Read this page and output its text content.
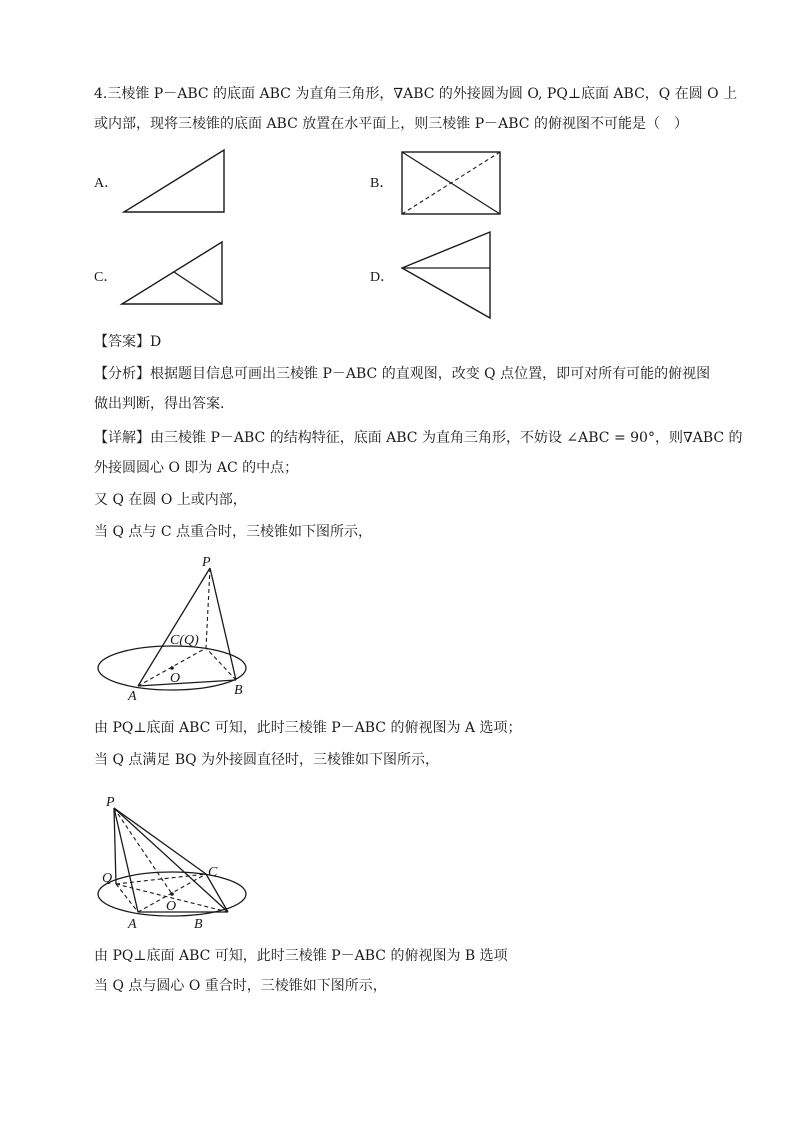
4.三棱锥 P－ABC 的底面 ABC 为直角三角形，∇ABC 的外接圆为圆 O, PQ⊥底面 ABC，Q 在圆 O 上
或内部，现将三棱锥的底面 ABC 放置在水平面上，则三棱锥 P－ABC 的俯视图不可能是（　）
A．	B．
C．	D．
【答案】D
【分析】根据题目信息可画出三棱锥 P－ABC 的直观图，改变 Q 点位置，即可对所有可能的俯视图
做出判断，得出答案.
【详解】由三棱锥 P－ABC 的结构特征，底面 ABC 为直角三角形，不妨设 ∠ABC = 90°，则∇ABC 的
外接圆圆心 O 即为 AC 的中点；
又 Q 在圆 O 上或内部，
当 Q 点与 C 点重合时，三棱锥如下图所示，
P
C(Q)
O
A	B
由 PQ⊥底面 ABC 可知，此时三棱锥 P－ABC 的俯视图为 A 选项；
当 Q 点满足 BQ 为外接圆直径时，三棱锥如下图所示，
P
Q	C
O
A	B
由 PQ⊥底面 ABC 可知，此时三棱锥 P－ABC 的俯视图为 B 选项
当 Q 点与圆心 O 重合时，三棱锥如下图所示，
